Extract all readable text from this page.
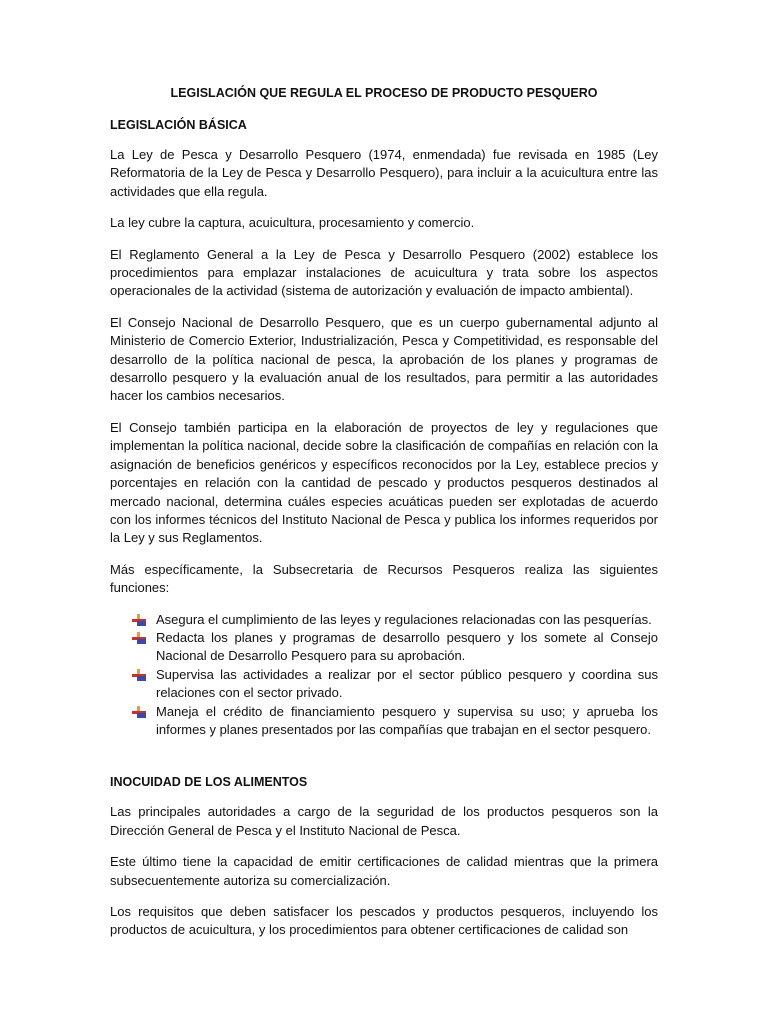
LEGISLACIÓN QUE REGULA EL PROCESO DE PRODUCTO PESQUERO
LEGISLACIÓN BÁSICA

La Ley de Pesca y Desarrollo Pesquero (1974, enmendada) fue revisada en 1985 (Ley Reformatoria de la Ley de Pesca y Desarrollo Pesquero), para incluir a la acuicultura entre las actividades que ella regula.

La ley cubre la captura, acuicultura, procesamiento y comercio.

El Reglamento General a la Ley de Pesca y Desarrollo Pesquero (2002) establece los procedimientos para emplazar instalaciones de acuicultura y trata sobre los aspectos operacionales de la actividad (sistema de autorización y evaluación de impacto ambiental).

El Consejo Nacional de Desarrollo Pesquero, que es un cuerpo gubernamental adjunto al Ministerio de Comercio Exterior, Industrialización, Pesca y Competitividad, es responsable del desarrollo de la política nacional de pesca, la aprobación de los planes y programas de desarrollo pesquero y la evaluación anual de los resultados, para permitir a las autoridades hacer los cambios necesarios.

El Consejo también participa en la elaboración de proyectos de ley y regulaciones que implementan la política nacional, decide sobre la clasificación de compañías en relación con la asignación de beneficios genéricos y específicos reconocidos por la Ley, establece precios y porcentajes en relación con la cantidad de pescado y productos pesqueros destinados al mercado nacional, determina cuáles especies acuáticas pueden ser explotadas de acuerdo con los informes técnicos del Instituto Nacional de Pesca y publica los informes requeridos por la Ley y sus Reglamentos.

Más específicamente, la Subsecretaria de Recursos Pesqueros realiza las siguientes funciones:

Asegura el cumplimiento de las leyes y regulaciones relacionadas con las pesquerías.
Redacta los planes y programas de desarrollo pesquero y los somete al Consejo Nacional de Desarrollo Pesquero para su aprobación.
Supervisa las actividades a realizar por el sector público pesquero y coordina sus relaciones con el sector privado.
Maneja el crédito de financiamiento pesquero y supervisa su uso; y aprueba los informes y planes presentados por las compañías que trabajan en el sector pesquero.
INOCUIDAD DE LOS ALIMENTOS

Las principales autoridades a cargo de la seguridad de los productos pesqueros son la Dirección General de Pesca y el Instituto Nacional de Pesca.

Este último tiene la capacidad de emitir certificaciones de calidad mientras que la primera subsecuentemente autoriza su comercialización.

Los requisitos que deben satisfacer los pescados y productos pesqueros, incluyendo los productos de acuicultura, y los procedimientos para obtener certificaciones de calidad son
